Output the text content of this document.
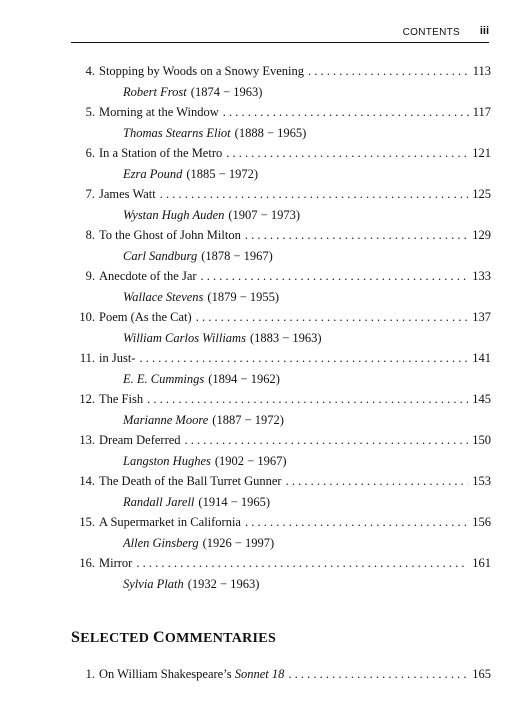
CONTENTS iii
4. Stopping by Woods on a Snowy Evening . . .	113
Robert Frost (1874 − 1963)
5. Morning at the Window . . .	117
Thomas Stearns Eliot (1888 − 1965)
6. In a Station of the Metro . . .	121
Ezra Pound (1885 − 1972)
7. James Watt . . .	125
Wystan Hugh Auden (1907 − 1973)
8. To the Ghost of John Milton . . .	129
Carl Sandburg (1878 − 1967)
9. Anecdote of the Jar . . .	133
Wallace Stevens (1879 − 1955)
10. Poem (As the Cat) . . .	137
William Carlos Williams (1883 − 1963)
11. in Just- . . .	141
E. E. Cummings (1894 − 1962)
12. The Fish . . .	145
Marianne Moore (1887 − 1972)
13. Dream Deferred . . .	150
Langston Hughes (1902 − 1967)
14. The Death of the Ball Turret Gunner . . .	153
Randall Jarell (1914 − 1965)
15. A Supermarket in California . . .	156
Allen Ginsberg (1926 − 1997)
16. Mirror . . .	161
Sylvia Plath (1932 − 1963)
SELECTED COMMENTARIES
1. On William Shakespeare’s Sonnet 18 . . .	165
